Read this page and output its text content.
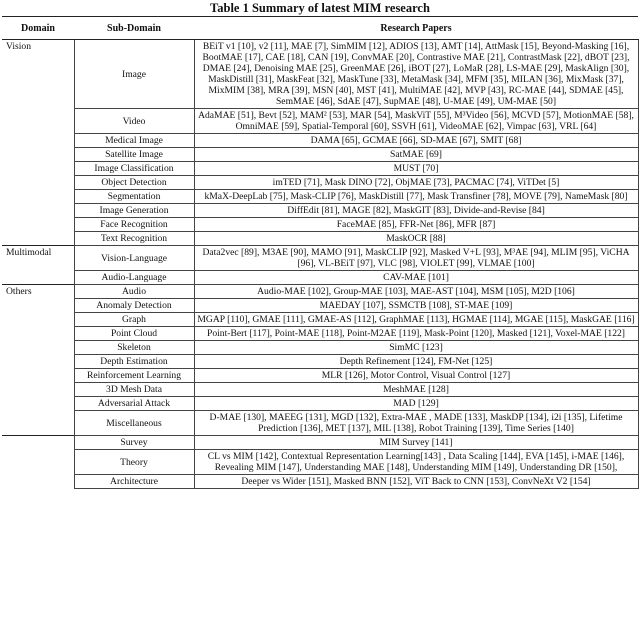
Table 1 Summary of latest MIM research
Domain	Sub-Domain	Research Papers
Vision	Image	BEiT v1 [10], v2 [11], MAE [7], SimMIM [12], ADIOS [13], AMT [14], AttMask [15], Beyond-Masking [16], BootMAE [17], CAE [18], CAN [19], ConvMAE [20], Contrastive MAE [21], ContrastMask [22], dBOT [23], DMAE [24], Denoising MAE [25], GreenMAE [26], iBOT [27], LoMaR [28], LS-MAE [29], MaskAlign [30], MaskDistill [31], MaskFeat [32], MaskTune [33], MetaMask [34], MFM [35], MILAN [36], MixMask [37], MixMIM [38], MRA [39], MSN [40], MST [41], MultiMAE [42], MVP [43], RC-MAE [44], SDMAE [45], SemMAE [46], SdAE [47], SupMAE [48], U-MAE [49], UM-MAE [50]
	Video	AdaMAE [51], Bevt [52], MAM² [53], MAR [54], MaskViT [55], M³Video [56], MCVD [57], MotionMAE [58], OmniMAE [59], Spatial-Temporal [60], SSVH [61], VideoMAE [62], Vimpac [63], VRL [64]
	Medical Image	DAMA [65], GCMAE [66], SD-MAE [67], SMIT [68]
	Satellite Image	SatMAE [69]
	Image Classification	MUST [70]
	Object Detection	imTED [71], Mask DINO [72], ObjMAE [73], PACMAC [74], ViTDet [5]
	Segmentation	kMaX-DeepLab [75], Mask-CLIP [76], MaskDistill [77], Mask Transfiner [78], MOVE [79], NameMask [80]
	Image Generation	DiffEdit [81], MAGE [82], MaskGIT [83], Divide-and-Revise [84]
	Face Recognition	FaceMAE [85], FFR-Net [86], MFR [87]
	Text Recognition	MaskOCR [88]
Multimodal	Vision-Language	Data2vec [89], M3AE [90], MAMO [91], MaskCLIP [92], Masked V+L [93], M³AE [94], MLIM [95], ViCHA [96], VL-BEiT [97], VLC [98], VIOLET [99], VLMAE [100]
	Audio-Language	CAV-MAE [101]
Others	Audio	Audio-MAE [102], Group-MAE [103], MAE-AST [104], MSM [105], M2D [106]
	Anomaly Detection	MAEDAY [107], SSMCTB [108], ST-MAE [109]
	Graph	MGAP [110], GMAE [111], GMAE-AS [112], GraphMAE [113], HGMAE [114], MGAE [115], MaskGAE [116]
	Point Cloud	Point-Bert [117], Point-MAE [118], Point-M2AE [119], Mask-Point [120], Masked [121], Voxel-MAE [122]
	Skeleton	SimMC [123]
	Depth Estimation	Depth Refinement [124], FM-Net [125]
	Reinforcement Learning	MLR [126], Motor Control, Visual Control [127]
	3D Mesh Data	MeshMAE [128]
	Adversarial Attack	MAD [129]
	Miscellaneous	D-MAE [130], MAEEG [131], MGD [132], Extra-MAE , MADE [133], MaskDP [134], i2i [135], Lifetime Prediction [136], MET [137], MIL [138], Robot Training [139], Time Series [140]
	Survey	MIM Survey [141]
	Theory	CL vs MIM [142], Contextual Representation Learning[143] , Data Scaling [144], EVA [145], i-MAE [146], Revealing MIM [147], Understanding MAE [148], Understanding MIM [149], Understanding DR [150],
	Architecture	Deeper vs Wider [151], Masked BNN [152], ViT Back to CNN [153], ConvNeXt V2 [154]
